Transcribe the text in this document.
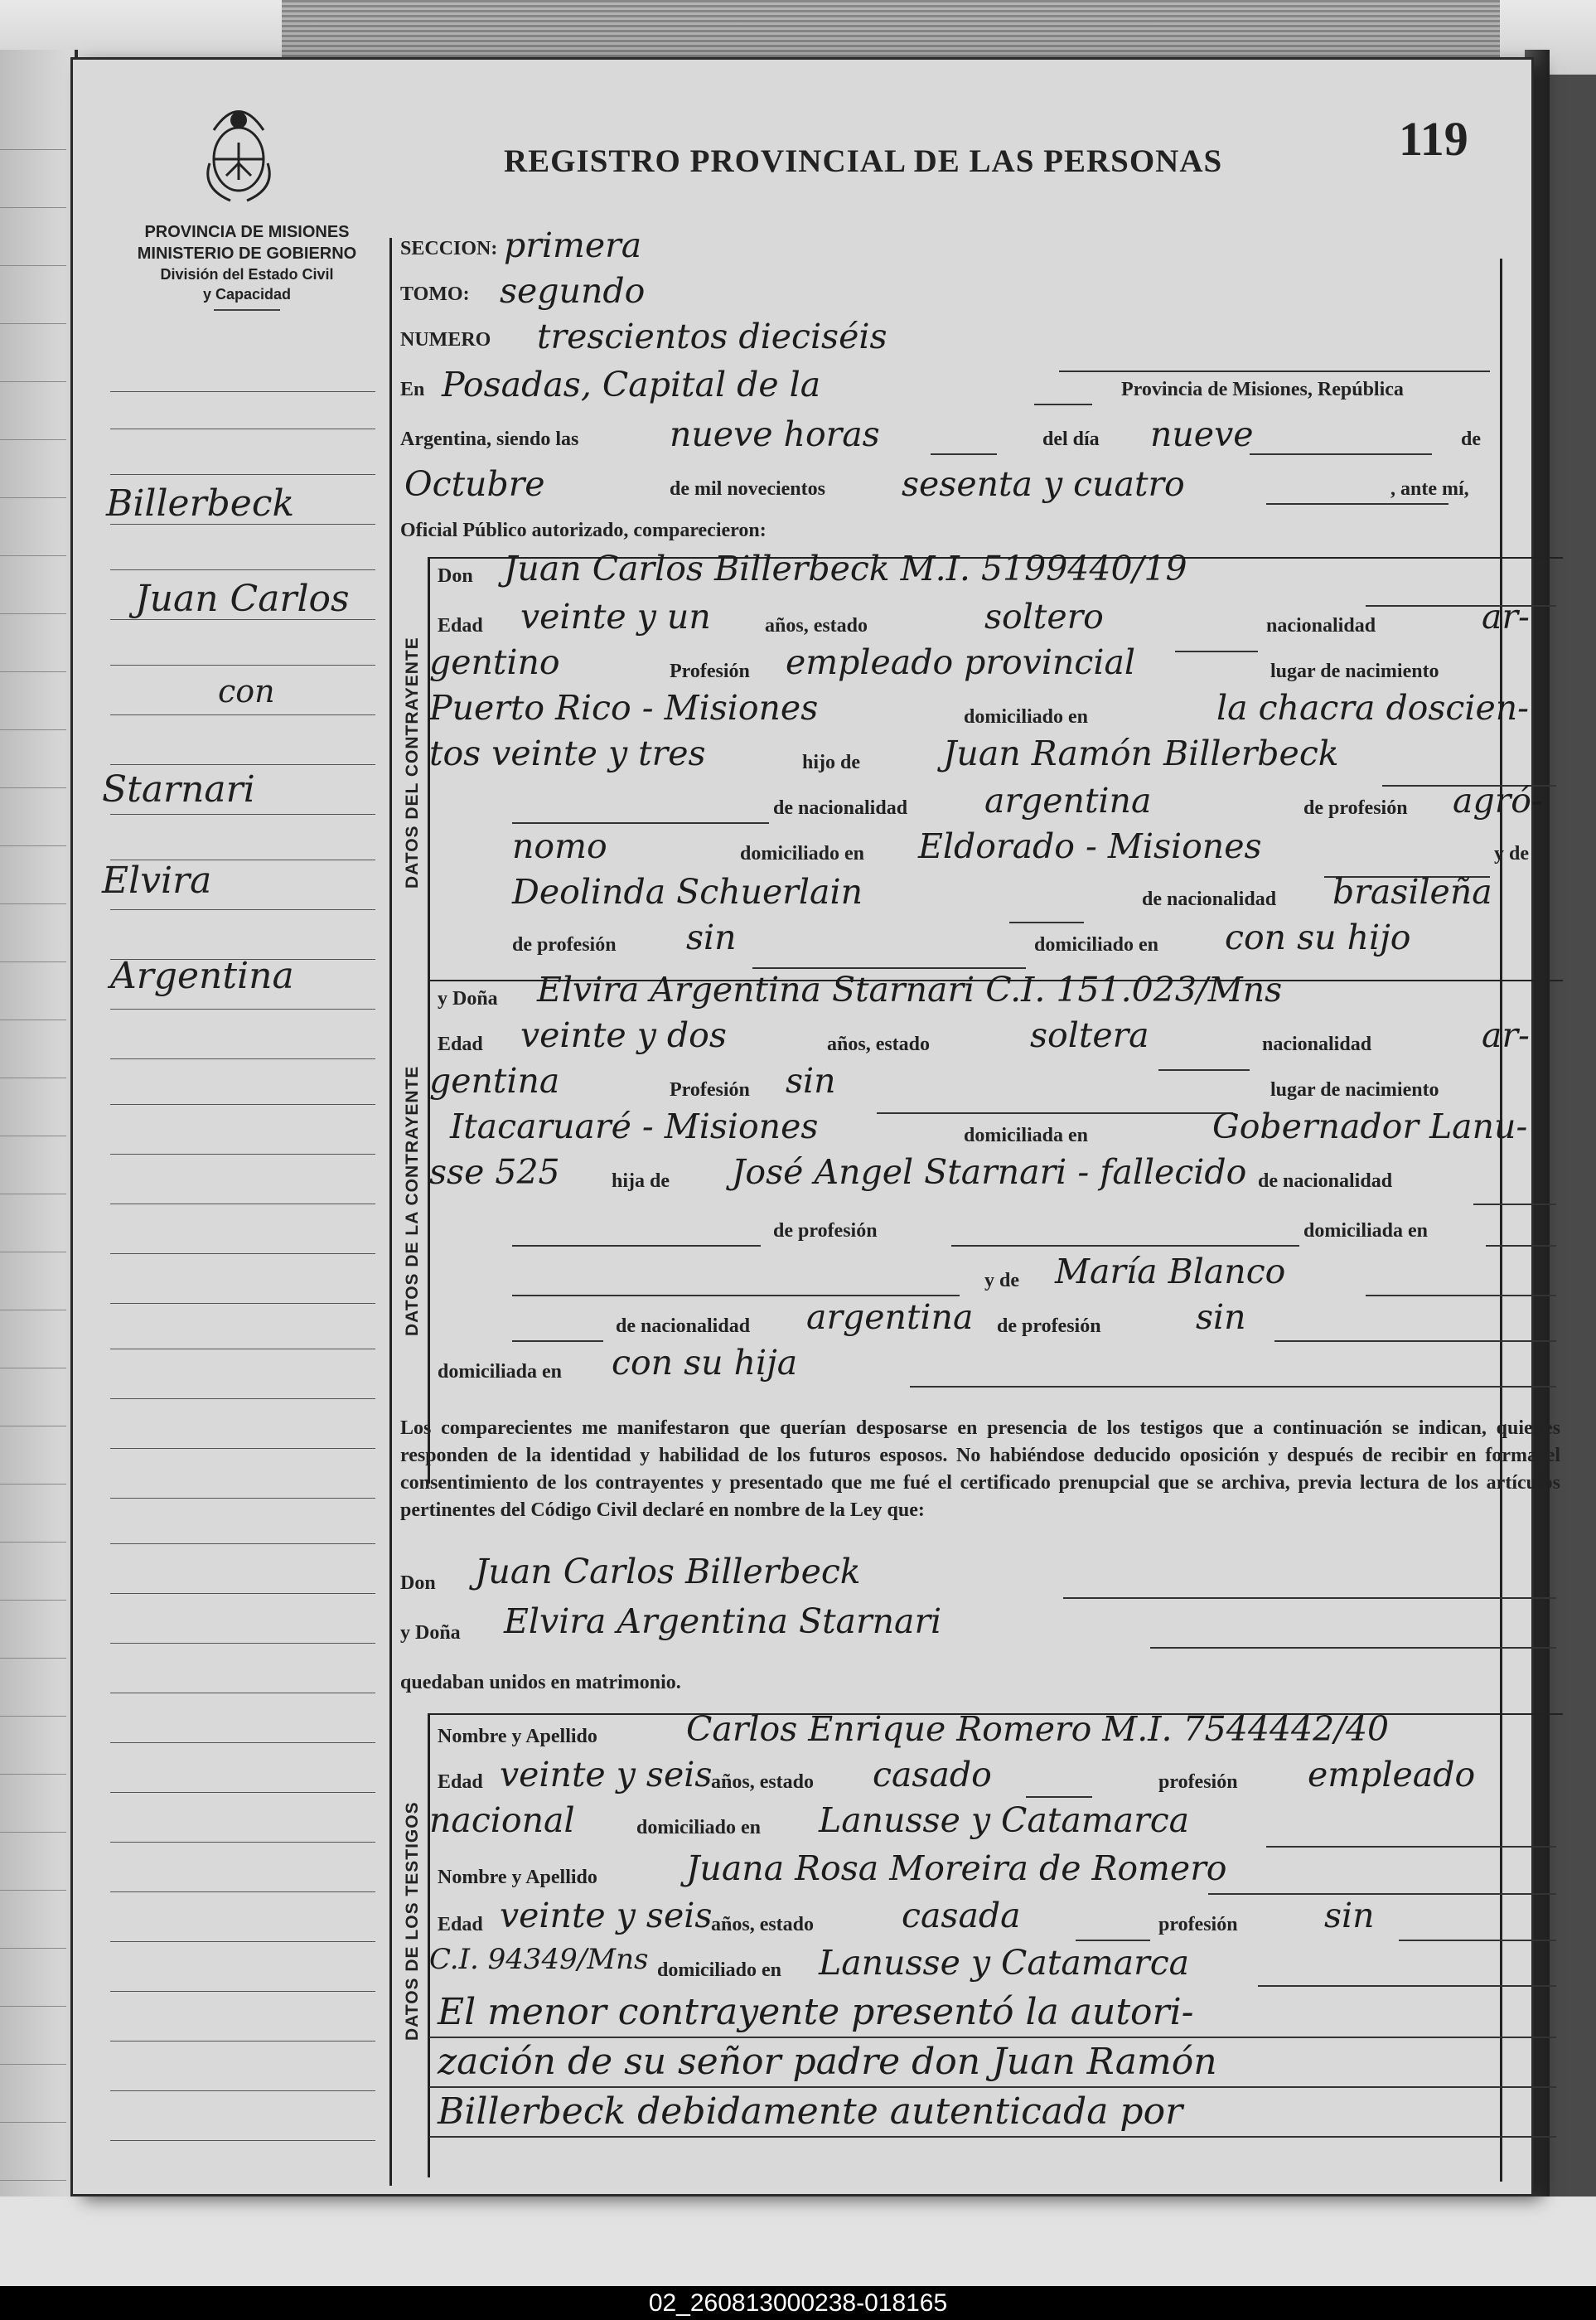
REGISTRO PROVINCIAL DE LAS PERSONAS	119
PROVINCIA DE MISIONES
MINISTERIO DE GOBIERNO
División del Estado Civil
y Capacidad
Billerbeck
Juan Carlos
con
Starnari
Elvira
Argentina
DATOS DEL CONTRAYENTE
DATOS DE LA CONTRAYENTE
DATOS DE LOS TESTIGOS
SECCION: primera
TOMO: segundo
NUMERO trescientos dieciséis
En Posadas, Capital de la	Provincia de Misiones, República
Argentina, siendo las	nueve horas	del día nueve	de
Octubre	de mil novecientos sesenta y cuatro	, ante mí,
Oficial Público autorizado, comparecieron:
Don Juan Carlos Billerbeck M.I. 5199440/19
Edad veinte y un	años, estado	soltero	nacionalidad	ar-
gentino	Profesión empleado provincial	lugar de nacimiento
Puerto Rico - Misiones	domiciliado en	la chacra doscien-
tos veinte y tres	hijo de Juan Ramón Billerbeck
de nacionalidad argentina	de profesión agró-
nomo	domiciliado en Eldorado - Misiones	y de
Deolinda Schuerlain	de nacionalidad brasileña
de profesión sin	domiciliado en con su hijo
y Doña Elvira Argentina Starnari C.I. 151.023/Mns
Edad veinte y dos	años, estado	soltera	nacionalidad	ar-
gentina	Profesión sin	lugar de nacimiento
Itacaruaré - Misiones	domiciliada en	Gobernador Lanu-
sse 525	hija de José Angel Starnari - fallecido de nacionalidad
de profesión	domiciliada en
y de María Blanco
de nacionalidad argentina de profesión	sin
domiciliada en con su hija
Los comparecientes me manifestaron que querían desposarse en presencia de los testigos que a continuación se indican, quienes responden de la identidad y habilidad de los futuros esposos. No habiéndose deducido oposición y después de recibir en forma el consentimiento de los contrayentes y presentado que me fué el certificado prenupcial que se archiva, previa lectura de los artículos pertinentes del Código Civil declaré en nombre de la Ley que:
Don Juan Carlos Billerbeck
y Doña Elvira Argentina Starnari
quedaban unidos en matrimonio.
Nombre y Apellido	Carlos Enrique Romero M.I. 7544442/40
Edad veinte y seis
años, estado casado	profesión empleado
nacional	domiciliado en Lanusse y Catamarca
Nombre y Apellido	Juana Rosa Moreira de Romero
Edad veinte y seis
años, estado	casada	profesión	sin
C.I. 94349/Mns domiciliado en Lanusse y Catamarca
El menor contrayente presentó la autori-
zación de su señor padre don Juan Ramón
Billerbeck debidamente autenticada por
02_260813000238-018165
